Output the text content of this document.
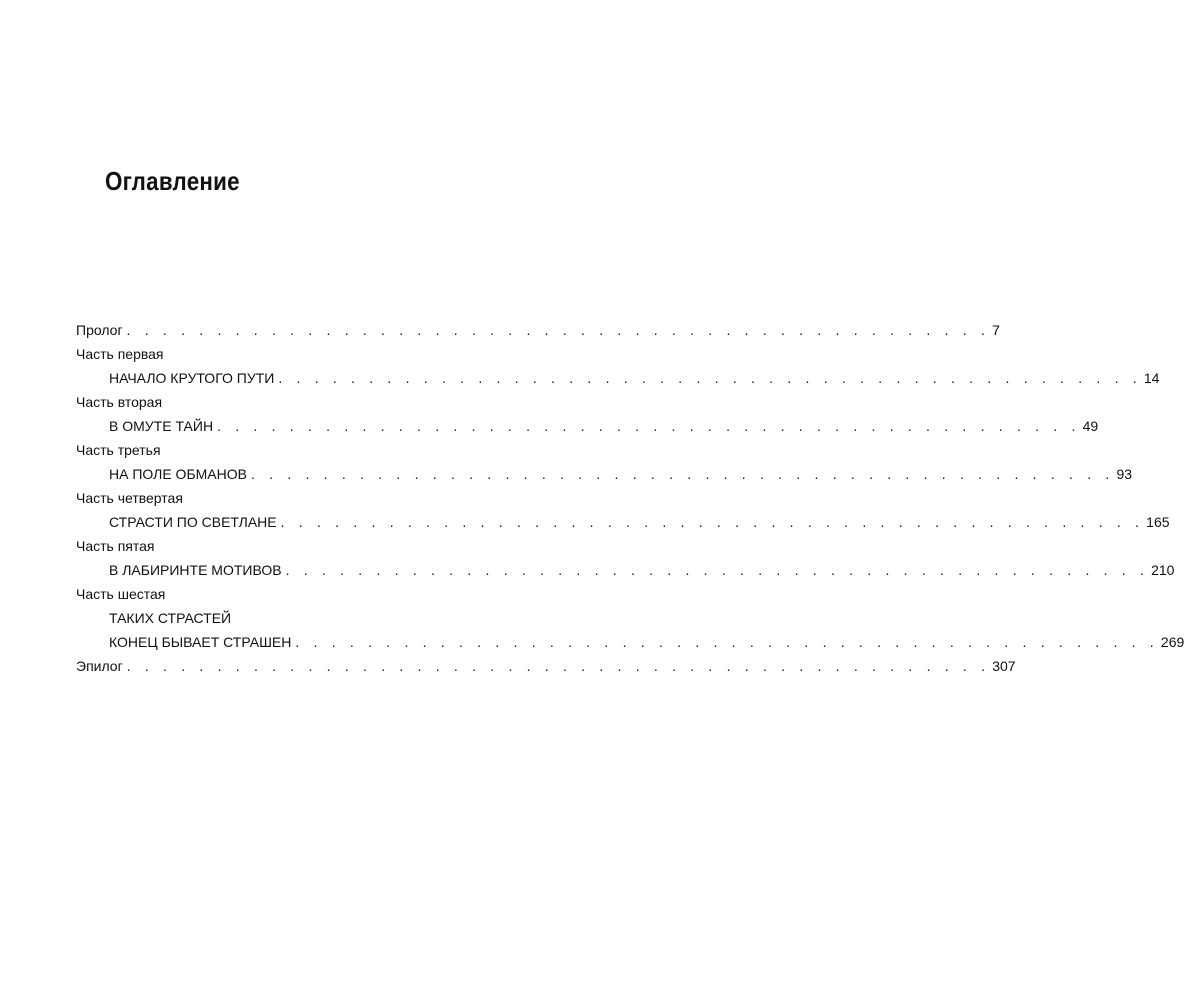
Оглавление
Пролог . . . . . . . . . . . . . . . . . . . . . . . . . . . . . . . . . . . . . . . . . . . . . . . . 7
Часть первая
НАЧАЛО КРУТОГО ПУТИ . . . . . . . . . . . . . . . . . . . . . . . . . . . . . . . . . . . . . . . . . . . . . . . . 14
Часть вторая
В ОМУТЕ ТАЙН . . . . . . . . . . . . . . . . . . . . . . . . . . . . . . . . . . . . . . . . . . . . . . . . 49
Часть третья
НА ПОЛЕ ОБМАНОВ . . . . . . . . . . . . . . . . . . . . . . . . . . . . . . . . . . . . . . . . . . . . . . . . 93
Часть четвертая
СТРАСТИ ПО СВЕТЛАНЕ . . . . . . . . . . . . . . . . . . . . . . . . . . . . . . . . . . . . . . . . . . . . . . . . 165
Часть пятая
В ЛАБИРИНТЕ МОТИВОВ . . . . . . . . . . . . . . . . . . . . . . . . . . . . . . . . . . . . . . . . . . . . . . . . 210
Часть шестая
ТАКИХ СТРАСТЕЙ
КОНЕЦ БЫВАЕТ СТРАШЕН . . . . . . . . . . . . . . . . . . . . . . . . . . . . . . . . . . . . . . . . . . . . . . . . 269
Эпилог . . . . . . . . . . . . . . . . . . . . . . . . . . . . . . . . . . . . . . . . . . . . . . . . 307
